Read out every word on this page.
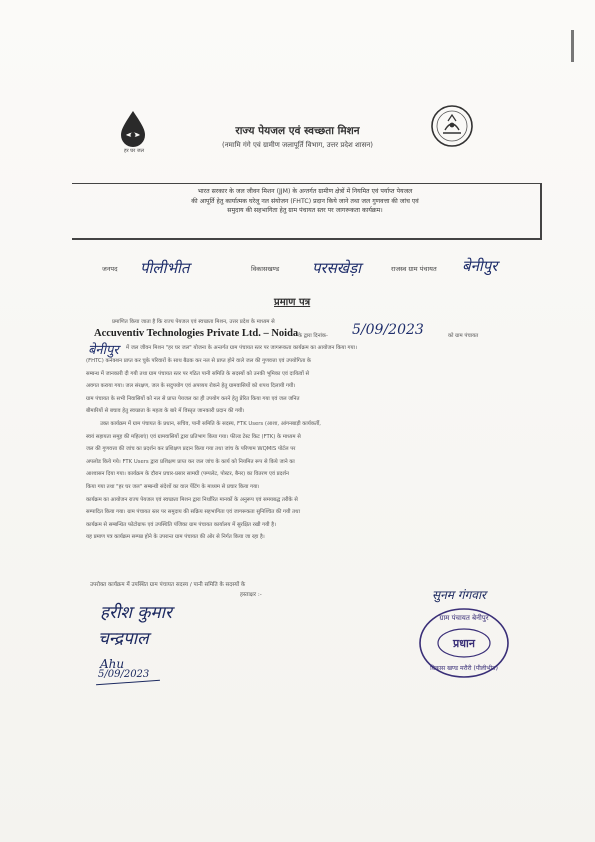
हर घर जल
राज्य पेयजल एवं स्वच्छता मिशन
(नमामि गंगे एवं ग्रामीण जलापूर्ति विभाग, उत्तर प्रदेश शासन)
भारत सरकार के जल जीवन मिशन (JJM) के अन्तर्गत ग्रामीण क्षेत्रों में नियमित एवं पर्याप्त पेयजल
की आपूर्ति हेतु कार्यात्मक घरेलू नल संयोजन (FHTC) प्रदान किये जाने तथा जल गुणवत्ता की जांच एवं
समुदाय की सहभागिता हेतु ग्राम पंचायत स्तर पर जागरूकता कार्यक्रम।
जनपद पीलीभीत	विकासखण्ड परसखेड़ा	राजस्व ग्राम पंचायत बेनीपुर
प्रमाण पत्र
प्रमाणित किया जाता है कि राज्य पेयजल एवं स्वच्छता मिशन, उत्तर प्रदेश के माध्यम से
Accuventiv Technologies Private Ltd. – Noida के द्वारा दिनांक-	5/09/2023	को ग्राम पंचायत
बेनीपुर में जल जीवन मिशन "हर घर जल" योजना के अन्तर्गत ग्राम पंचायत स्तर पर जागरूकता कार्यक्रम का आयोजन किया गया।
(FHTC) कनेक्शन प्राप्त कर चुके परिवारों के साथ बैठक कर नल से प्राप्त होने वाले जल की गुणवत्ता एवं उपयोगिता के
सम्बन्ध में जानकारी दी गयी तथा ग्राम पंचायत स्तर पर गठित पानी समिति के सदस्यों को उनकी भूमिका एवं दायित्वों से
अवगत कराया गया। जल संरक्षण, जल के सदुपयोग एवं अपव्यय रोकने हेतु ग्रामवासियों को शपथ दिलायी गयी।
ग्राम पंचायत के सभी निवासियों को नल से प्राप्त पेयजल का ही उपयोग करने हेतु प्रेरित किया गया एवं जल जनित
बीमारियों से बचाव हेतु स्वच्छता के महत्व के बारे में विस्तृत जानकारी प्रदान की गयी।
उक्त कार्यक्रम में ग्राम पंचायत के प्रधान, सचिव, पानी समिति के सदस्य, FTK Users (आशा, आंगनबाड़ी कार्यकर्ती,
स्वयं सहायता समूह की महिलाएं) एवं ग्रामवासियों द्वारा प्रतिभाग किया गया। फील्ड टेस्ट किट (FTK) के माध्यम से
जल की गुणवत्ता की जांच का प्रदर्शन कर प्रशिक्षण प्रदान किया गया तथा जांच के परिणाम WQMIS पोर्टल पर
अपलोड किये गये। FTK Users द्वारा प्रशिक्षण प्राप्त कर जल जांच के कार्य को नियमित रूप से किये जाने का
आश्वासन दिया गया। कार्यक्रम के दौरान प्रचार-प्रसार सामग्री (पम्पलेट, पोस्टर, बैनर) का वितरण एवं प्रदर्शन
किया गया तथा "हर घर जल" सम्बन्धी संदेशों का वाल पेंटिंग के माध्यम से प्रचार किया गया।
कार्यक्रम का आयोजन राज्य पेयजल एवं स्वच्छता मिशन द्वारा निर्धारित मानकों के अनुरूप एवं समयबद्ध तरीके से
सम्पादित किया गया। ग्राम पंचायत स्तर पर समुदाय की सक्रिय सहभागिता एवं जागरूकता सुनिश्चित की गयी तथा
कार्यक्रम से सम्बन्धित फोटोग्राफ एवं उपस्थिति पंजिका ग्राम पंचायत कार्यालय में सुरक्षित रखी गयी है।
यह प्रमाण पत्र कार्यक्रम सम्पन्न होने के उपरान्त ग्राम पंचायत की ओर से निर्गत किया जा रहा है।
उपरोक्त कार्यक्रम में उपस्थित ग्राम पंचायत सदस्य / पानी समिति के सदस्यों के
हस्ताक्षर :-	सुनम गंगवार
हरीश कुमार
चन्द्रपाल
Ahu
5/09/2023
ग्राम पंचायत बेनीपुर
प्रधान
विकास खण्ड मरौरी (पीलीभीत)
